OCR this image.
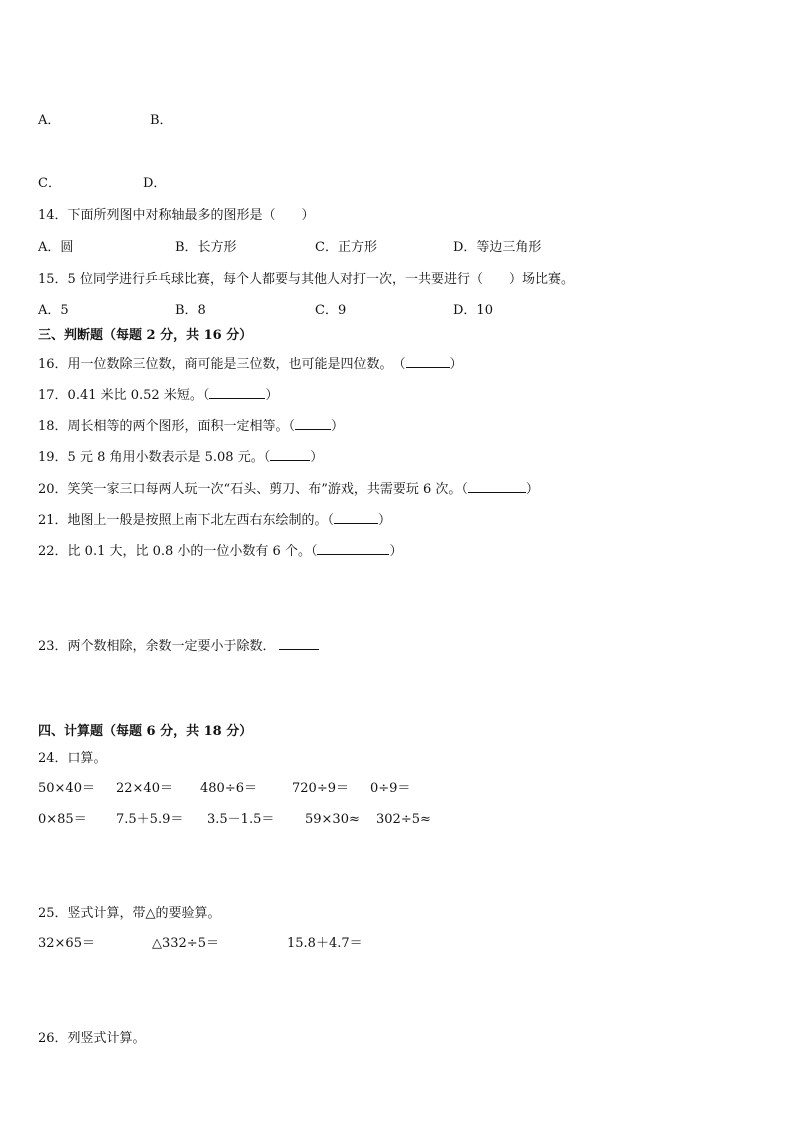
A．	B．
C．	D．
14．下面所列图中对称轴最多的图形是（　　）
A．圆	B．长方形	C．正方形	D．等边三角形
15．5 位同学进行乒乓球比赛，每个人都要与其他人对打一次，一共要进行（　　）场比赛。
A．5	B．8	C．9	D．10
三、判断题（每题 2 分，共 16 分）
16．用一位数除三位数，商可能是三位数，也可能是四位数。　（	）
17．0.41 米比 0.52 米短。（	）
18．周长相等的两个图形，面积一定相等。（	）
19．5 元 8 角用小数表示是 5.08 元。（	）
20．笑笑一家三口每两人玩一次“石头、剪刀、布”游戏，共需要玩 6 次。（	）
21．地图上一般是按照上南下北左西右东绘制的。（	）
22．比 0.1 大，比 0.8 小的一位小数有 6 个。（	）
23．两个数相除，余数一定要小于除数．
四、计算题（每题 6 分，共 18 分）
24．口算。
50×40＝ 22×40＝ 480÷6＝	720÷9＝ 0÷9＝
0×85＝ 7.5＋5.9＝ 3.5－1.5＝ 59×30≈ 302÷5≈
25．竖式计算，带△的要验算。
32×65＝	△332÷5＝	15.8＋4.7＝
26．列竖式计算。
